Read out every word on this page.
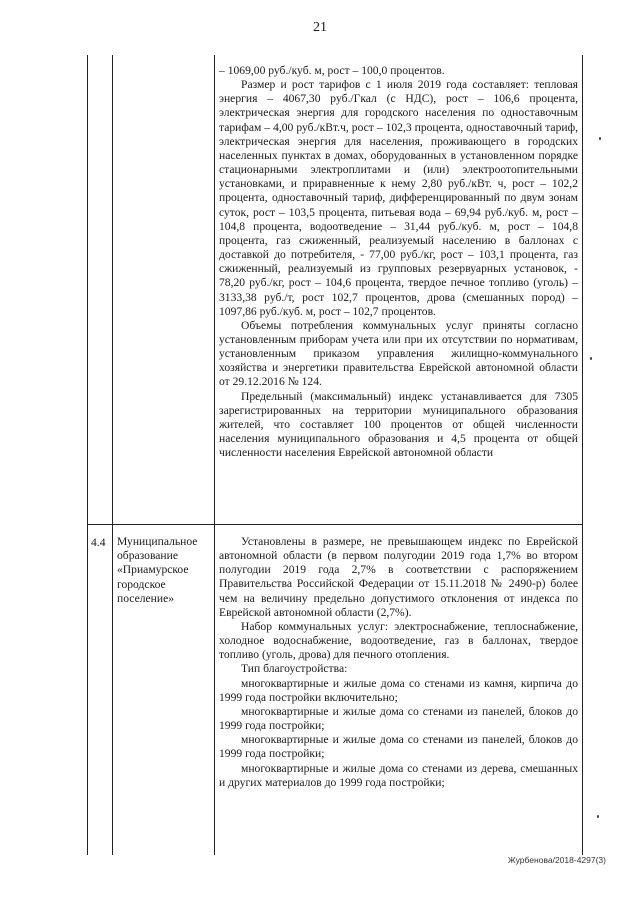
21

– 1069,00 руб./куб. м, рост – 100,0 процентов.

Размер и рост тарифов с 1 июля 2019 года составляет: тепловая энергия – 4067,30 руб./Гкал (с НДС), рост – 106,6 процента, электрическая энергия для городского населения по одноставочным тарифам – 4,00 руб./кВт.ч, рост – 102,3 процента, одноставочный тариф, электрическая энергия для населения, проживающего в городских населенных пунктах в домах, оборудованных в установленном порядке стационарными электроплитами и (или) электроотопительными установками, и приравненные к нему 2,80 руб./кВт. ч, рост – 102,2 процента, одноставочный тариф, дифференцированный по двум зонам суток, рост – 103,5 процента, питьевая вода – 69,94 руб./куб. м, рост – 104,8 процента, водоотведение – 31,44 руб./куб. м, рост – 104,8 процента, газ сжиженный, реализуемый населению в баллонах с доставкой до потребителя, - 77,00 руб./кг, рост – 103,1 процента, газ сжиженный, реализуемый из групповых резервуарных установок, - 78,20 руб./кг, рост – 104,6 процента, твердое печное топливо (уголь) – 3133,38 руб./т, рост 102,7 процентов, дрова (смешанных пород) – 1097,86 руб./куб. м, рост – 102,7 процентов.

Объемы потребления коммунальных услуг приняты согласно установленным приборам учета или при их отсутствии по нормативам, установленным приказом управления жилищно-коммунального хозяйства и энергетики правительства Еврейской автономной области от 29.12.2016 № 124.

Предельный (максимальный) индекс устанавливается для 7305 зарегистрированных на территории муниципального образования жителей, что составляет 100 процентов от общей численности населения муниципального образования и 4,5 процента от общей численности населения Еврейской автономной области

4.4 Муниципальное образование «Приамурское городское поселение»

Установлены в размере, не превышающем индекс по Еврейской автономной области (в первом полугодии 2019 года 1,7% во втором полугодии 2019 года 2,7% в соответствии с распоряжением Правительства Российской Федерации от 15.11.2018 № 2490-р) более чем на величину предельно допустимого отклонения от индекса по Еврейской автономной области (2,7%).

Набор коммунальных услуг: электроснабжение, теплоснабжение, холодное водоснабжение, водоотведение, газ в баллонах, твердое топливо (уголь, дрова) для печного отопления.

Тип благоустройства:

многоквартирные и жилые дома со стенами из камня, кирпича до 1999 года постройки включительно;

многоквартирные и жилые дома со стенами из панелей, блоков до 1999 года постройки;

многоквартирные и жилые дома со стенами из панелей, блоков до 1999 года постройки;

многоквартирные и жилые дома со стенами из дерева, смешанных и других материалов до 1999 года постройки;

Журбенова/2018-4297(3)
